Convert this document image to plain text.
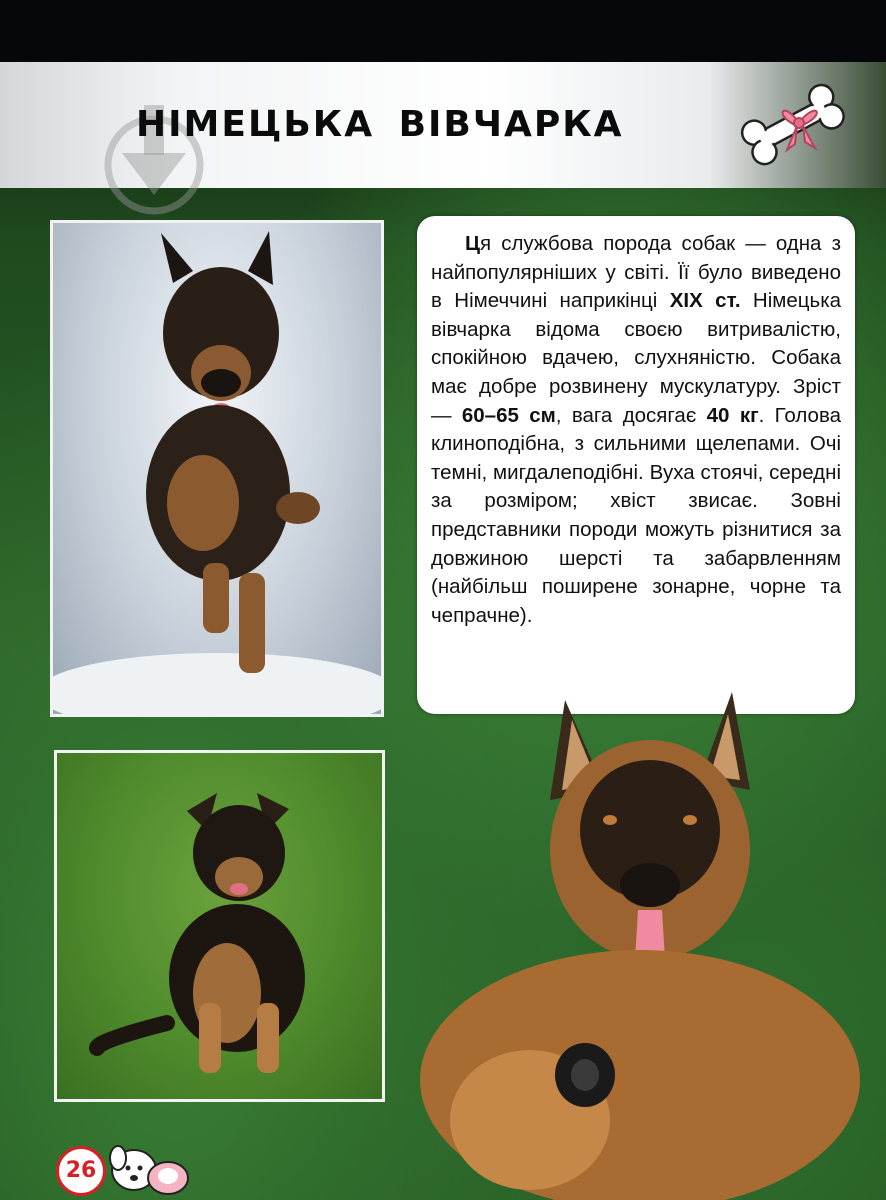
НІМЕЦЬКА ВІВЧАРКА

Ця службова порода собак — одна з найпопулярніших у світі. Її було виведено в Німеччині наприкінці XIX ст. Німецька вівчарка відома своєю витривалістю, спокійною вдачею, слухняністю. Собака має добре розвинену мускулатуру. Зріст — 60–65 см, вага досягає 40 кг. Голова клиноподібна, з сильними щелепами. Очі темні, мигдалеподібні. Вуха стоячі, середні за розміром; хвіст звисає. Зовні представники породи можуть різнитися за довжиною шерсті та забарвленням (найбільш поширене зонарне, чорне та чепрачне).

26
